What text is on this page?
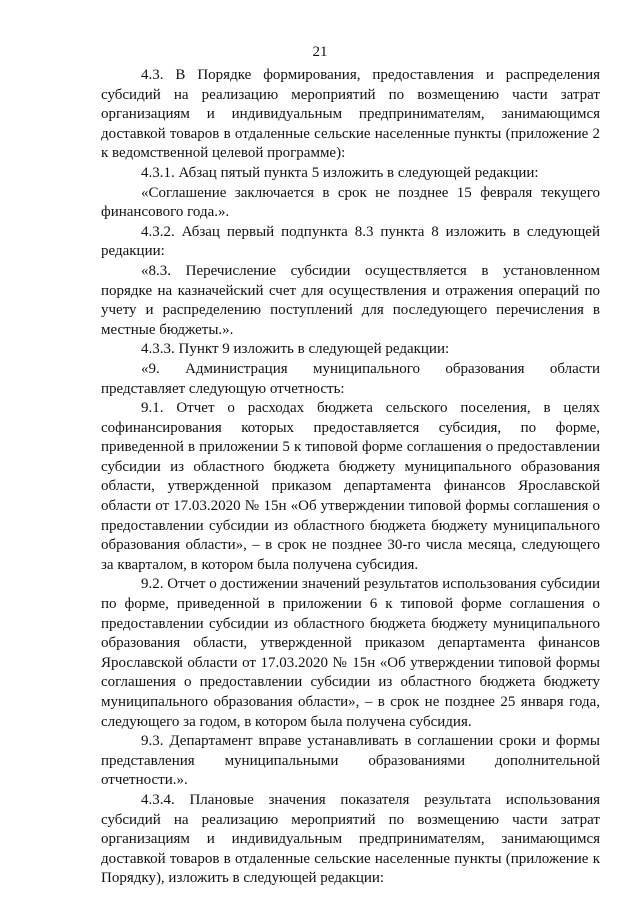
21

4.3. В Порядке формирования, предоставления и распределения субсидий на реализацию мероприятий по возмещению части затрат организациям и индивидуальным предпринимателям, занимающимся доставкой товаров в отдаленные сельские населенные пункты (приложение 2 к ведомственной целевой программе):

4.3.1. Абзац пятый пункта 5 изложить в следующей редакции:

«Соглашение заключается в срок не позднее 15 февраля текущего финансового года.».

4.3.2. Абзац первый подпункта 8.3 пункта 8 изложить в следующей редакции:

«8.3. Перечисление субсидии осуществляется в установленном порядке на казначейский счет для осуществления и отражения операций по учету и распределению поступлений для последующего перечисления в местные бюджеты.».

4.3.3. Пункт 9 изложить в следующей редакции:

«9. Администрация муниципального образования области представляет следующую отчетность:

9.1. Отчет о расходах бюджета сельского поселения, в целях софинансирования которых предоставляется субсидия, по форме, приведенной в приложении 5 к типовой форме соглашения о предоставлении субсидии из областного бюджета бюджету муниципального образования области, утвержденной приказом департамента финансов Ярославской области от 17.03.2020 № 15н «Об утверждении типовой формы соглашения о предоставлении субсидии из областного бюджета бюджету муниципального образования области», – в срок не позднее 30-го числа месяца, следующего за кварталом, в котором была получена субсидия.

9.2. Отчет о достижении значений результатов использования субсидии по форме, приведенной в приложении 6 к типовой форме соглашения о предоставлении субсидии из областного бюджета бюджету муниципального образования области, утвержденной приказом департамента финансов Ярославской области от 17.03.2020 № 15н «Об утверждении типовой формы соглашения о предоставлении субсидии из областного бюджета бюджету муниципального образования области», – в срок не позднее 25 января года, следующего за годом, в котором была получена субсидия.

9.3. Департамент вправе устанавливать в соглашении сроки и формы представления муниципальными образованиями дополнительной отчетности.».

4.3.4. Плановые значения показателя результата использования субсидий на реализацию мероприятий по возмещению части затрат организациям и индивидуальным предпринимателям, занимающимся доставкой товаров в отдаленные сельские населенные пункты (приложение к Порядку), изложить в следующей редакции:
